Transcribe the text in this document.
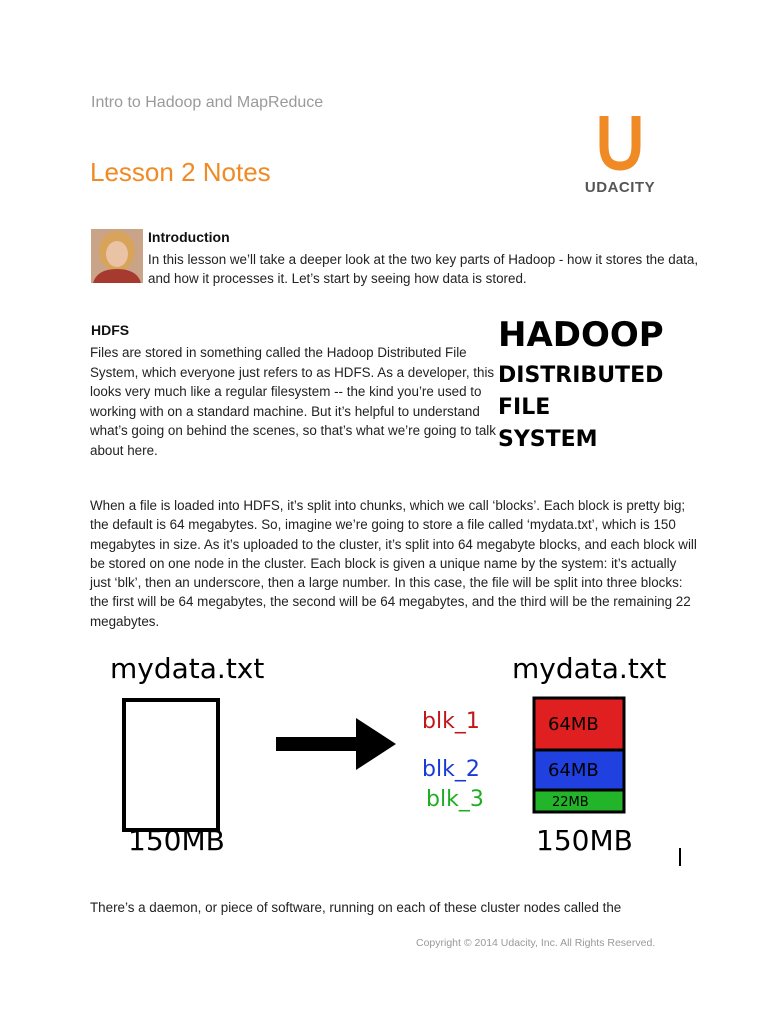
Intro to Hadoop and MapReduce
Lesson 2 Notes
UDACITY
Introduction
In this lesson we’ll take a deeper look at the two key parts of Hadoop - how it stores the data, and how it processes it. Let’s start by seeing how data is stored.
HDFS
Files are stored in something called the Hadoop Distributed File System, which everyone just refers to as HDFS. As a developer, this looks very much like a regular filesystem -- the kind you’re used to working with on a standard machine. But it’s helpful to understand what’s going on behind the scenes, so that’s what we’re going to talk about here.
HADOOP
DISTRIBUTED
FILE
SYSTEM
When a file is loaded into HDFS, it’s split into chunks, which we call ‘blocks’. Each block is pretty big; the default is 64 megabytes. So, imagine we’re going to store a file called ‘mydata.txt’, which is 150 megabytes in size. As it’s uploaded to the cluster, it’s split into 64 megabyte blocks, and each block will be stored on one node in the cluster. Each block is given a unique name by the system: it’s actually just ‘blk’, then an underscore, then a large number. In this case, the file will be split into three blocks: the first will be 64 megabytes, the second will be 64 megabytes, and the third will be the remaining 22 megabytes.
mydata.txt
150MB
mydata.txt
64MB
64MB
22MB
blk_1
blk_2
blk_3
150MB
There’s a daemon, or piece of software, running on each of these cluster nodes called the
Copyright © 2014 Udacity, Inc. All Rights Reserved.
